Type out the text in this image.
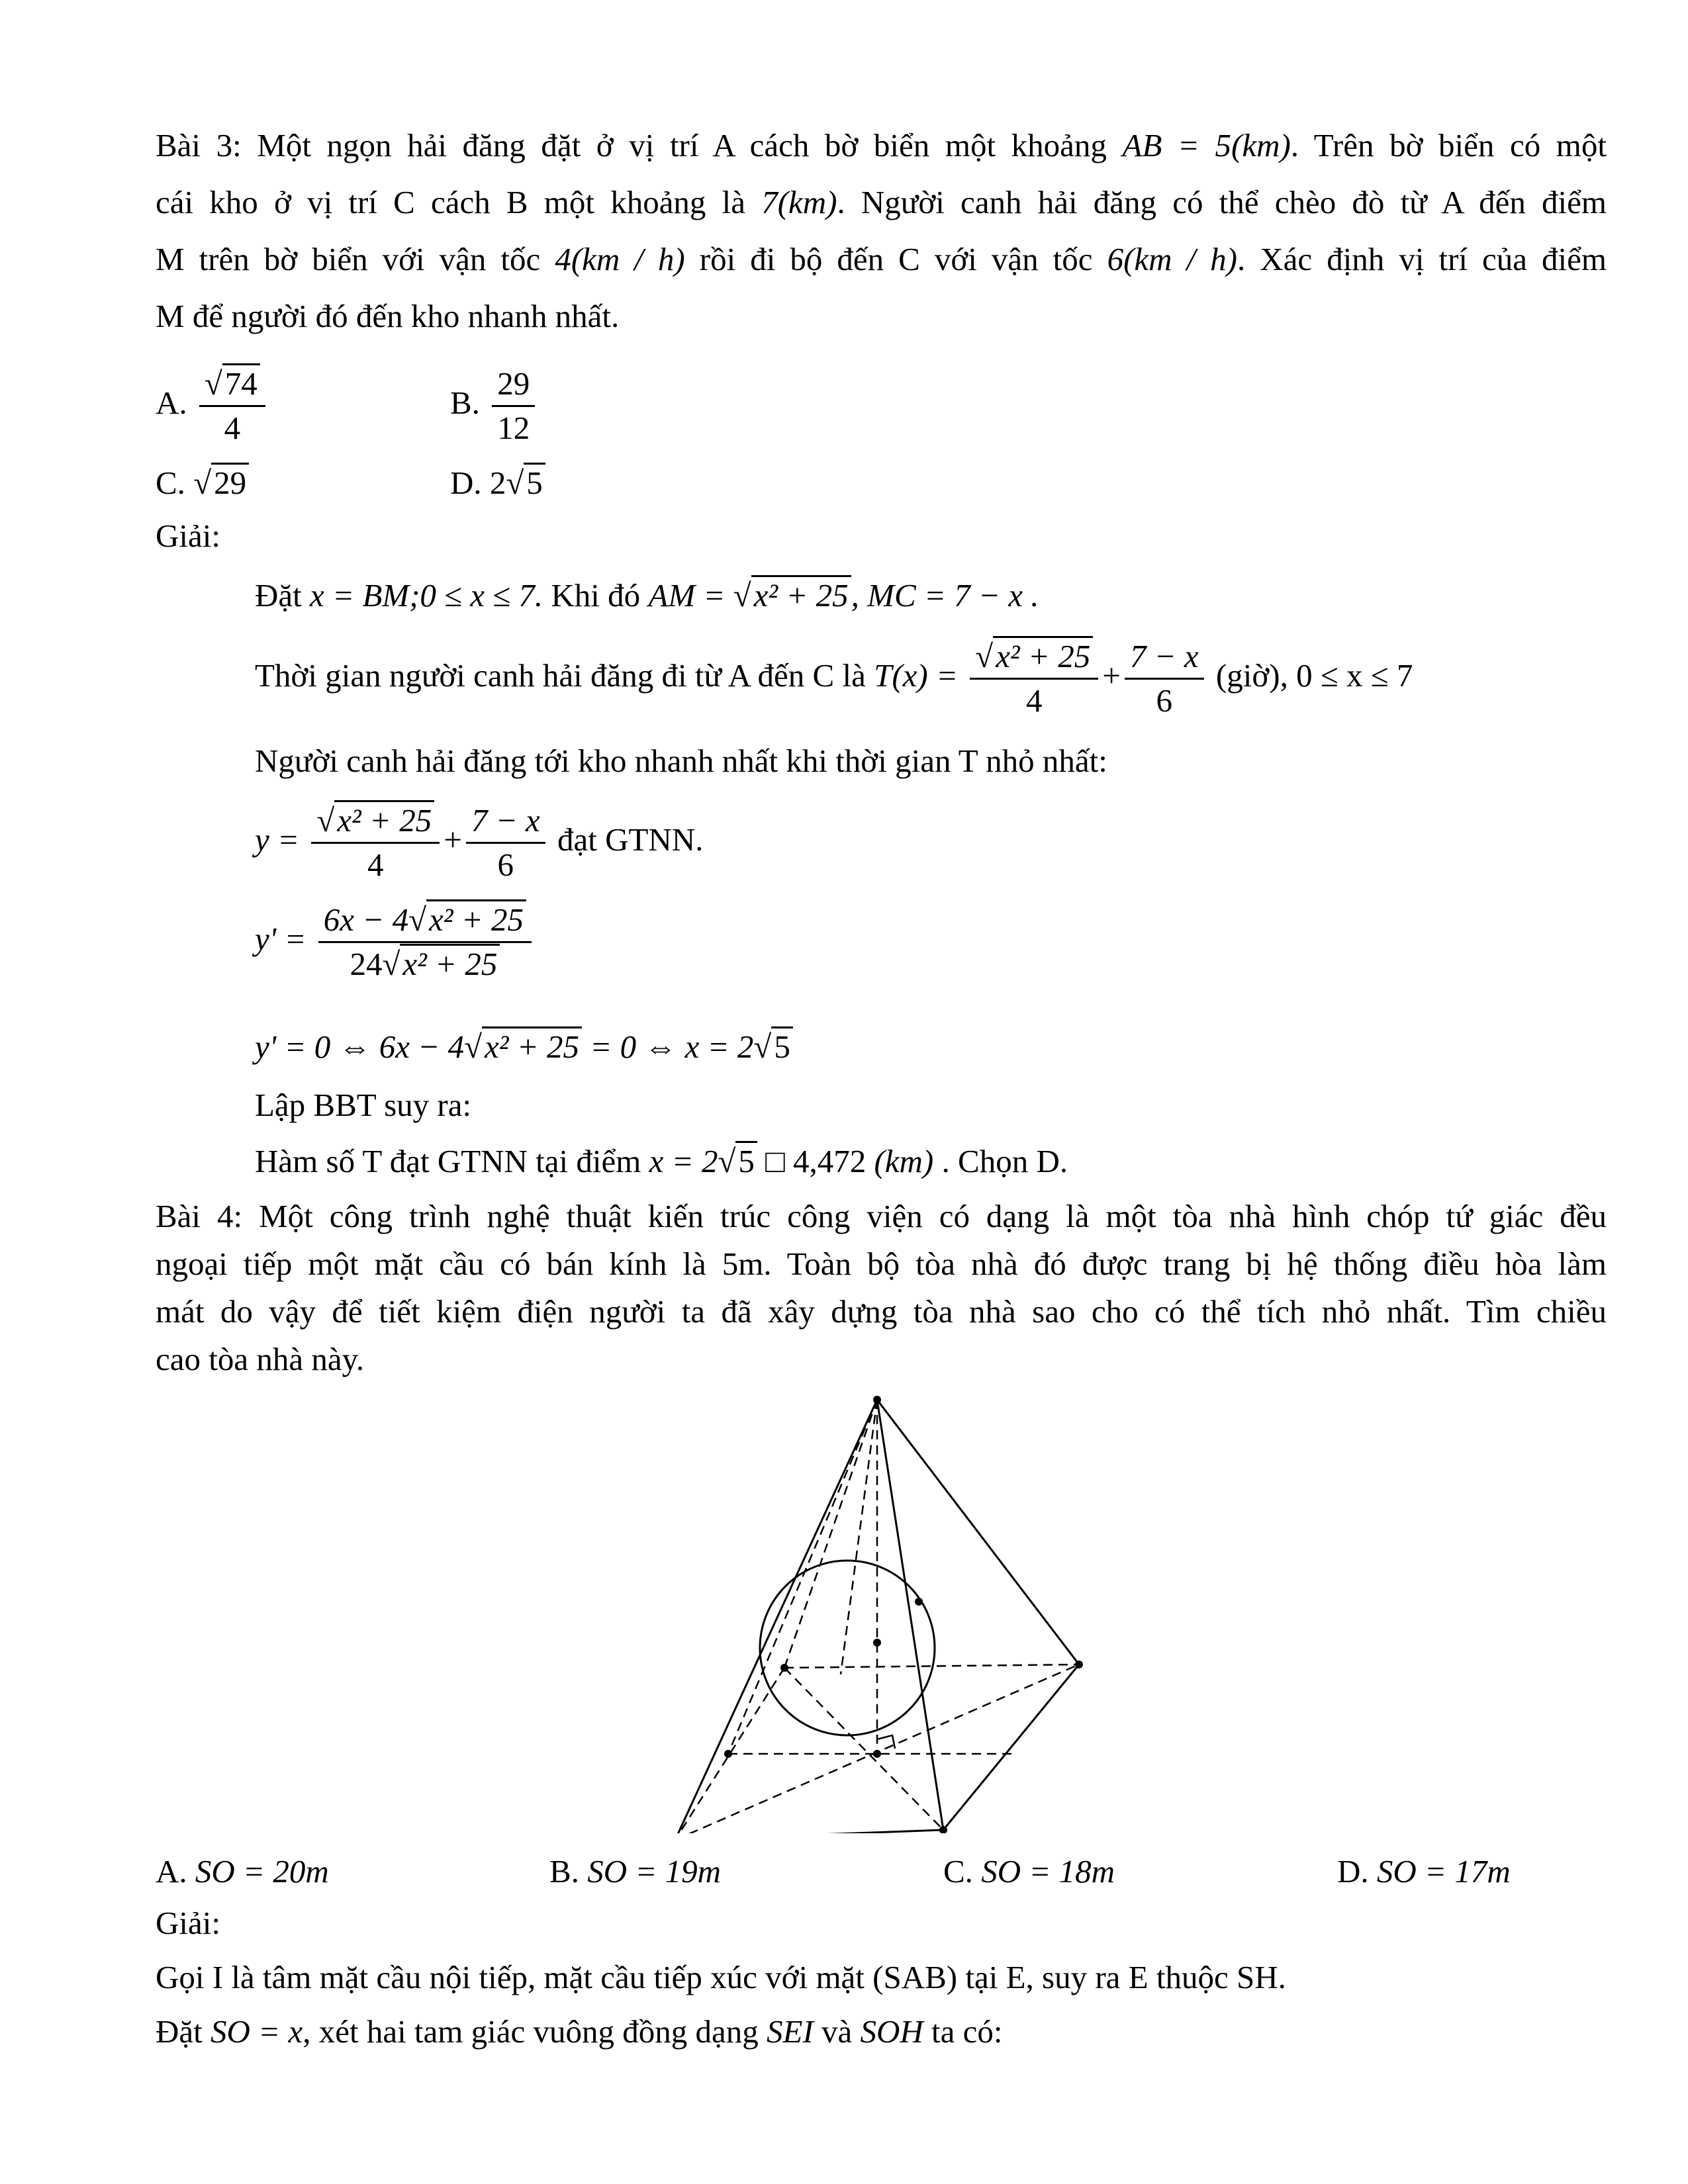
Bài 3: Một ngọn hải đăng đặt ở vị trí A cách bờ biển một khoảng AB = 5(km). Trên bờ biển có một
cái kho ở vị trí C cách B một khoảng là 7(km). Người canh hải đăng có thể chèo đò từ A đến điểm
M trên bờ biển với vận tốc 4(km / h) rồi đi bộ đến C với vận tốc 6(km / h). Xác định vị trí của điểm
M để người đó đến kho nhanh nhất.
A. $\frac{√74}{4}$	B. $\frac{29}{12}$
C. √29	D. 2√5
Giải:
Đặt x = BM;0 ≤ x ≤ 7. Khi đó AM = √x² + 25, MC = 7 − x .
Thời gian người canh hải đăng đi từ A đến C là $T(x) = \frac{\text{√x² + 25}}{4} + \frac{7 - x}{6}$ (giờ), 0 ≤ x ≤ 7
Người canh hải đăng tới kho nhanh nhất khi thời gian T nhỏ nhất:
$y = \frac{\text{√x² + 25}}{4} + \frac{7 - x}{6}$ đạt GTNN.
$y' = \frac{\text{6x − 4√x² + 25}}{\text{24√x² + 25}}$
y' = 0 ⇔ 6x − 4√x² + 25 = 0 ⇔ x = 2√5
Lập BBT suy ra:
Hàm số T đạt GTNN tại điểm x = 2√5 □ 4,472 (km) . Chọn D.
Bài 4: Một công trình nghệ thuật kiến trúc công viện có dạng là một tòa nhà hình chóp tứ giác đều
ngoại tiếp một mặt cầu có bán kính là 5m. Toàn bộ tòa nhà đó được trang bị hệ thống điều hòa làm
mát do vậy để tiết kiệm điện người ta đã xây dựng tòa nhà sao cho có thể tích nhỏ nhất. Tìm chiều
cao tòa nhà này.
A. SO = 20m	B. SO = 19m	C. SO = 18m	D. SO = 17m
Giải:
Gọi I là tâm mặt cầu nội tiếp, mặt cầu tiếp xúc với mặt (SAB) tại E, suy ra E thuộc SH.
Đặt SO = x, xét hai tam giác vuông đồng dạng SEI và SOH ta có:
